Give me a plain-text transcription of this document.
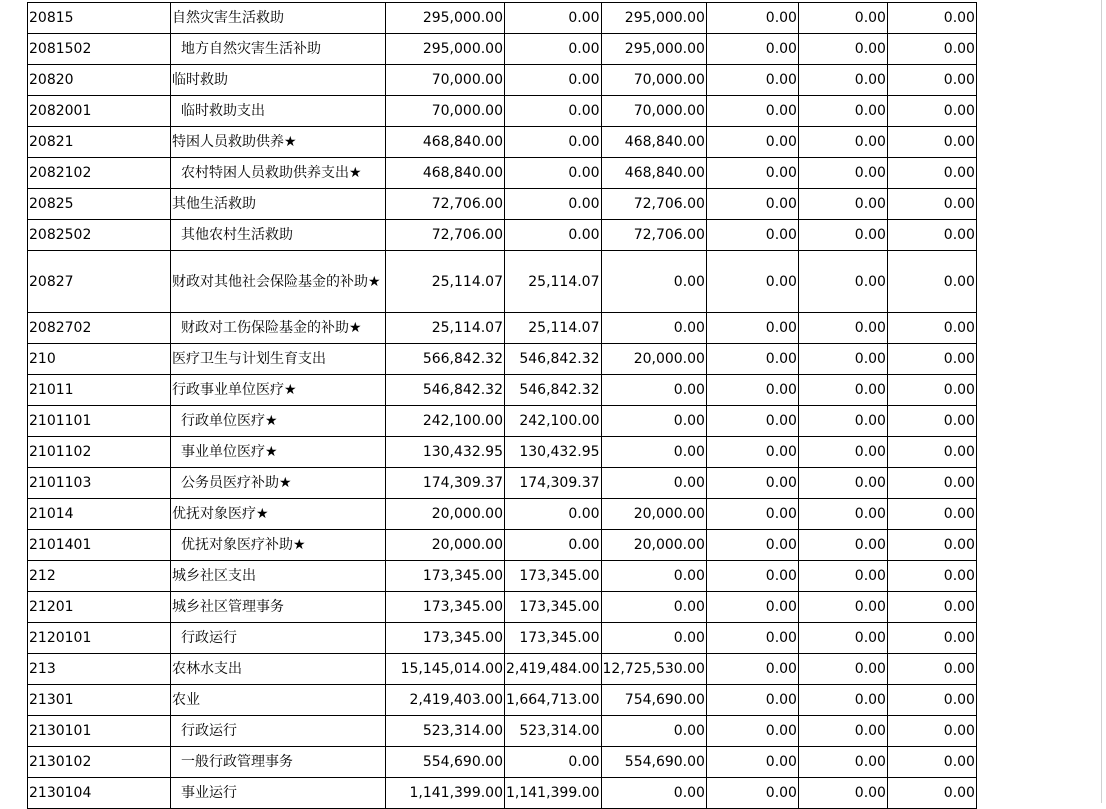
20815	自然灾害生活救助	295,000.00	0.00	295,000.00	0.00	0.00	0.00
2081502	地方自然灾害生活补助	295,000.00	0.00	295,000.00	0.00	0.00	0.00
20820	临时救助	70,000.00	0.00	70,000.00	0.00	0.00	0.00
2082001	临时救助支出	70,000.00	0.00	70,000.00	0.00	0.00	0.00
20821	特困人员救助供养★	468,840.00	0.00	468,840.00	0.00	0.00	0.00
2082102	农村特困人员救助供养支出★	468,840.00	0.00	468,840.00	0.00	0.00	0.00
20825	其他生活救助	72,706.00	0.00	72,706.00	0.00	0.00	0.00
2082502	其他农村生活救助	72,706.00	0.00	72,706.00	0.00	0.00	0.00
20827	财政对其他社会保险基金的补助★	25,114.07	25,114.07	0.00	0.00	0.00	0.00
2082702	财政对工伤保险基金的补助★	25,114.07	25,114.07	0.00	0.00	0.00	0.00
210	医疗卫生与计划生育支出	566,842.32	546,842.32	20,000.00	0.00	0.00	0.00
21011	行政事业单位医疗★	546,842.32	546,842.32	0.00	0.00	0.00	0.00
2101101	行政单位医疗★	242,100.00	242,100.00	0.00	0.00	0.00	0.00
2101102	事业单位医疗★	130,432.95	130,432.95	0.00	0.00	0.00	0.00
2101103	公务员医疗补助★	174,309.37	174,309.37	0.00	0.00	0.00	0.00
21014	优抚对象医疗★	20,000.00	0.00	20,000.00	0.00	0.00	0.00
2101401	优抚对象医疗补助★	20,000.00	0.00	20,000.00	0.00	0.00	0.00
212	城乡社区支出	173,345.00	173,345.00	0.00	0.00	0.00	0.00
21201	城乡社区管理事务	173,345.00	173,345.00	0.00	0.00	0.00	0.00
2120101	行政运行	173,345.00	173,345.00	0.00	0.00	0.00	0.00
213	农林水支出	15,145,014.00	2,419,484.00	12,725,530.00	0.00	0.00	0.00
21301	农业	2,419,403.00	1,664,713.00	754,690.00	0.00	0.00	0.00
2130101	行政运行	523,314.00	523,314.00	0.00	0.00	0.00	0.00
2130102	一般行政管理事务	554,690.00	0.00	554,690.00	0.00	0.00	0.00
2130104	事业运行	1,141,399.00	1,141,399.00	0.00	0.00	0.00	0.00
